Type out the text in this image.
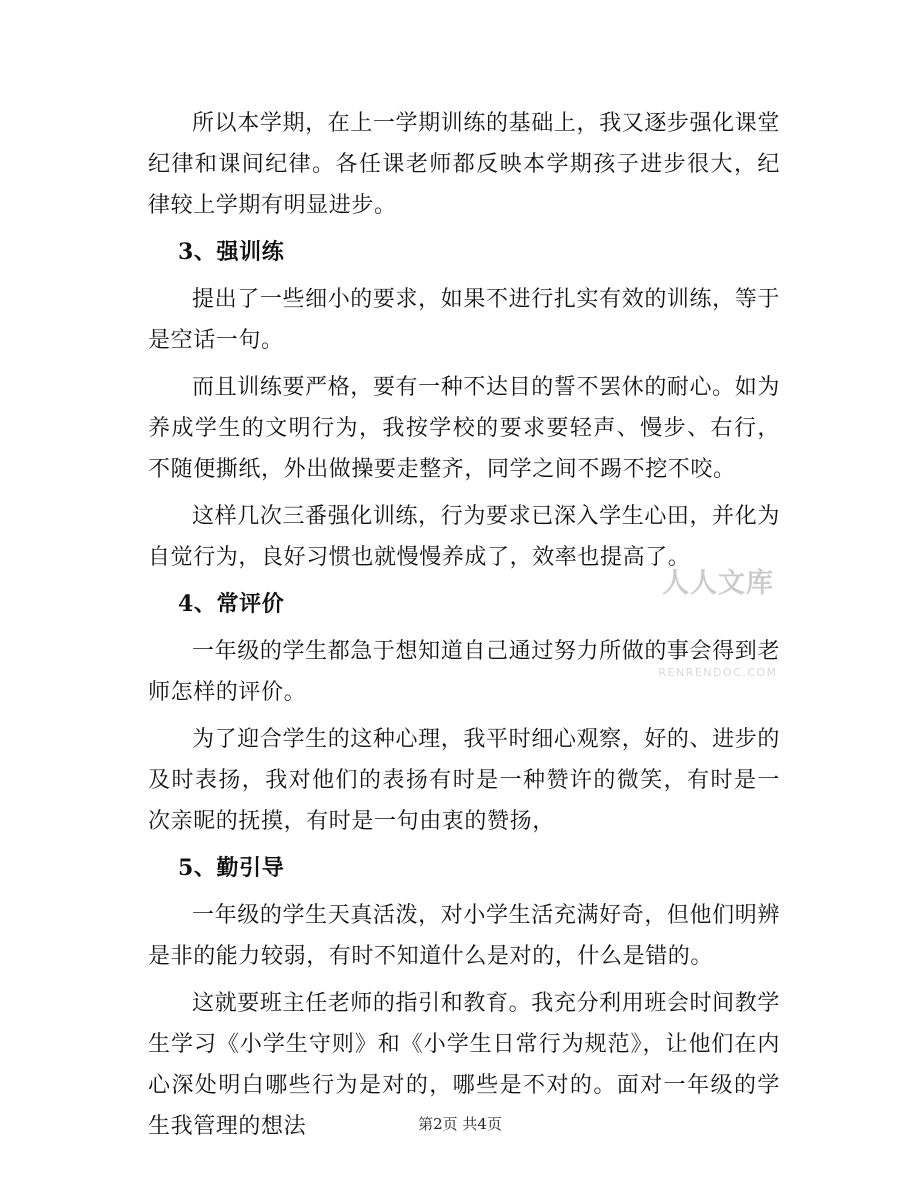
所以本学期，在上一学期训练的基础上，我又逐步强化课堂纪律和课间纪律。各任课老师都反映本学期孩子进步很大，纪律较上学期有明显进步。

3、强训练

提出了一些细小的要求，如果不进行扎实有效的训练，等于是空话一句。

而且训练要严格，要有一种不达目的誓不罢休的耐心。如为养成学生的文明行为，我按学校的要求要轻声、慢步、右行，不随便撕纸，外出做操要走整齐，同学之间不踢不挖不咬。

这样几次三番强化训练，行为要求已深入学生心田，并化为自觉行为，良好习惯也就慢慢养成了，效率也提高了。

4、常评价

一年级的学生都急于想知道自己通过努力所做的事会得到老师怎样的评价。

为了迎合学生的这种心理，我平时细心观察，好的、进步的及时表扬，我对他们的表扬有时是一种赞许的微笑，有时是一次亲昵的抚摸，有时是一句由衷的赞扬，

5、勤引导

一年级的学生天真活泼，对小学生活充满好奇，但他们明辨是非的能力较弱，有时不知道什么是对的，什么是错的。

这就要班主任老师的指引和教育。我充分利用班会时间教学生学习《小学生守则》和《小学生日常行为规范》，让他们在内心深处明白哪些行为是对的，哪些是不对的。面对一年级的学生我管理的想法

人人文库
RENRENDOC.COM
第2页 共4页
